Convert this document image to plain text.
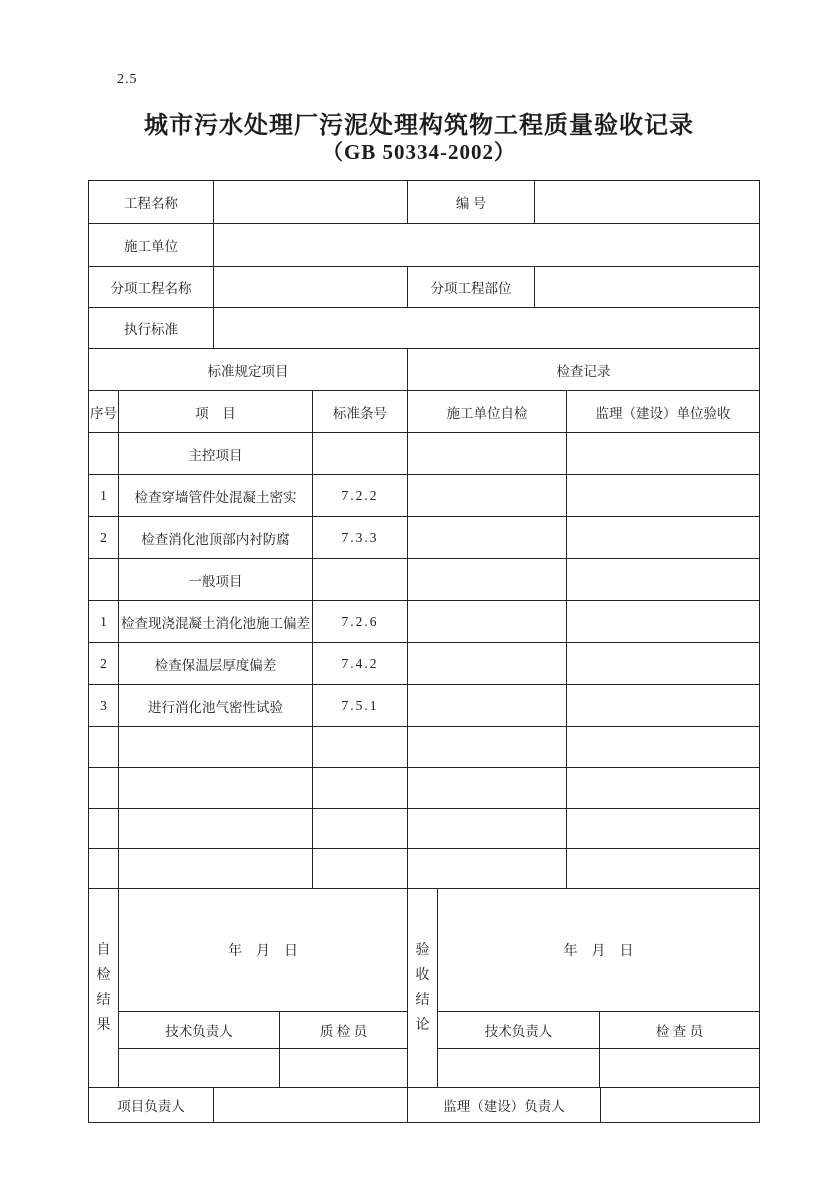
2.5
城市污水处理厂污泥处理构筑物工程质量验收记录
（GB 50334-2002）
工程名称		编 号	
施工单位			
分项工程名称		分项工程部位	
执行标准			
标准规定项目			检查记录	
序号	项　目	标准条号	施工单位自检	监理（建设）单位验收
	主控项目			
1	检查穿墙管件处混凝土密实	7.2.2		
2	检查消化池顶部内衬防腐	7.3.3		
	一般项目			
1	检查现浇混凝土消化池施工偏差	7.2.6		
2	检查保温层厚度偏差	7.4.2		
3	进行消化池气密性试验	7.5.1		

自检结果	年　月　日		验收结论	年　月　日	
	技术负责人	质 检 员		技术负责人	检 查 员

项目负责人		监理（建设）负责人	
